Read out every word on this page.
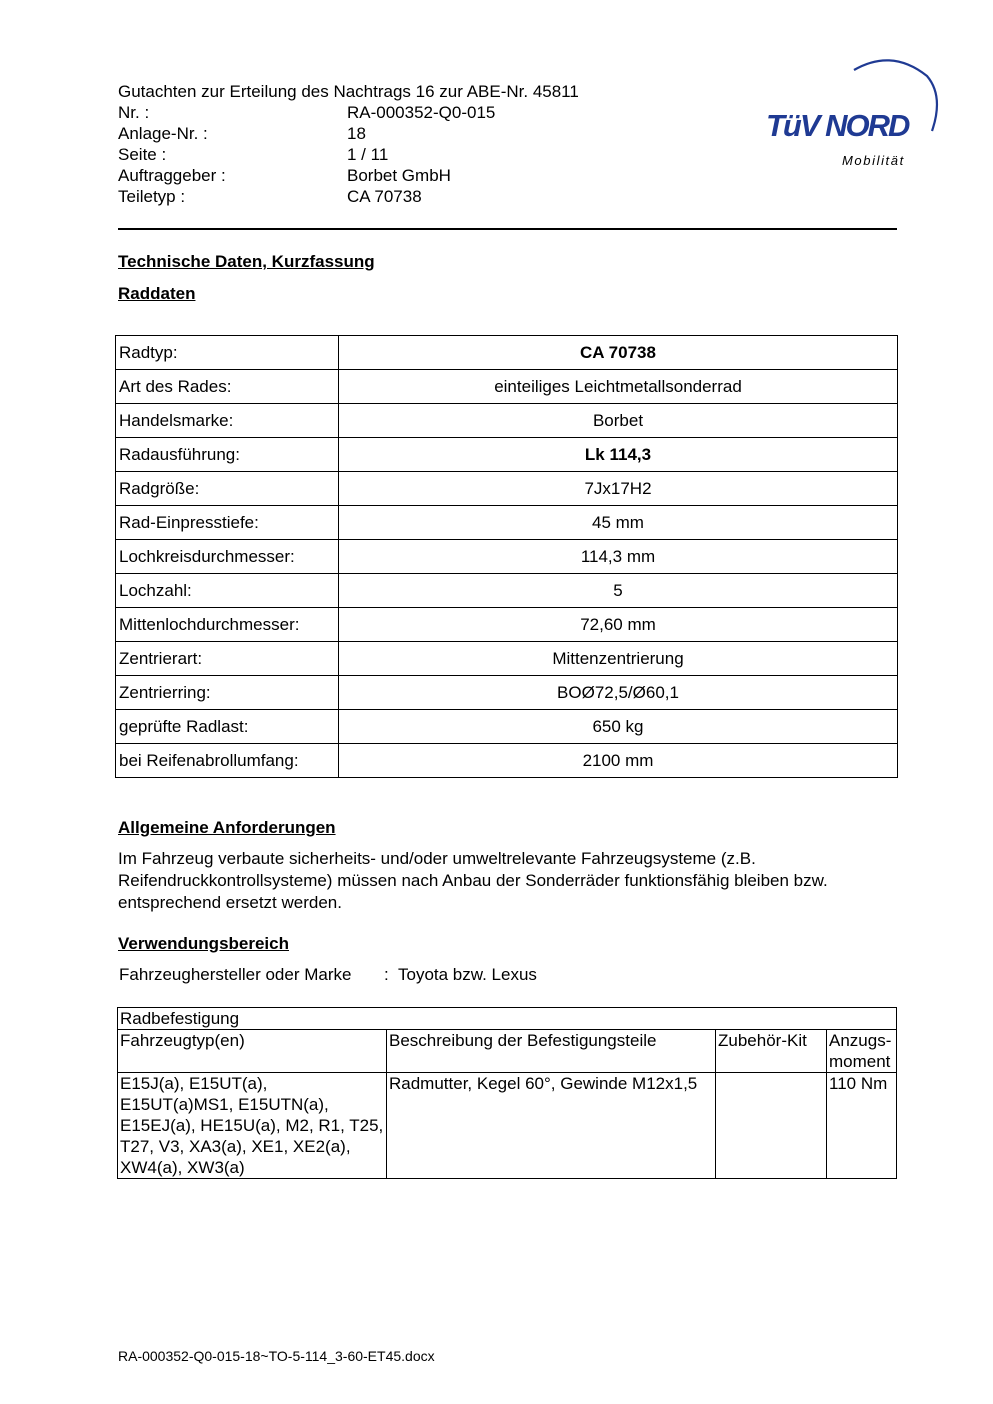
Gutachten zur Erteilung des Nachtrags 16 zur ABE-Nr. 45811
Nr. :	RA-000352-Q0-015
Anlage-Nr. :	18
Seite :	1 / 11
Auftraggeber :	Borbet GmbH
Teiletyp :	CA 70738
TüV NORD
Mobilität
Technische Daten, Kurzfassung
Raddaten
Radtyp:	CA 70738
Art des Rades:	einteiliges Leichtmetallsonderrad
Handelsmarke:	Borbet
Radausführung:	Lk 114,3
Radgröße:	7Jx17H2
Rad-Einpresstiefe:	45 mm
Lochkreisdurchmesser:	114,3 mm
Lochzahl:	5
Mittenlochdurchmesser:	72,60 mm
Zentrierart:	Mittenzentrierung
Zentrierring:	BOØ72,5/Ø60,1
geprüfte Radlast:	650 kg
bei Reifenabrollumfang:	2100 mm
Allgemeine Anforderungen
Im Fahrzeug verbaute sicherheits- und/oder umweltrelevante Fahrzeugsysteme (z.B. Reifendruckkontrollsysteme) müssen nach Anbau der Sonderräder funktionsfähig bleiben bzw. entsprechend ersetzt werden.
Verwendungsbereich
Fahrzeughersteller oder Marke : Toyota bzw. Lexus
Radbefestigung			
Fahrzeugtyp(en)	Beschreibung der Befestigungsteile	Zubehör-Kit	Anzugs-
moment
E15J(a), E15UT(a), E15UT(a)MS1, E15UTN(a), E15EJ(a), HE15U(a), M2, R1, T25, T27, V3, XA3(a), XE1, XE2(a), XW4(a), XW3(a)	Radmutter, Kegel 60°, Gewinde M12x1,5		110 Nm
RA-000352-Q0-015-18~TO-5-114_3-60-ET45.docx
